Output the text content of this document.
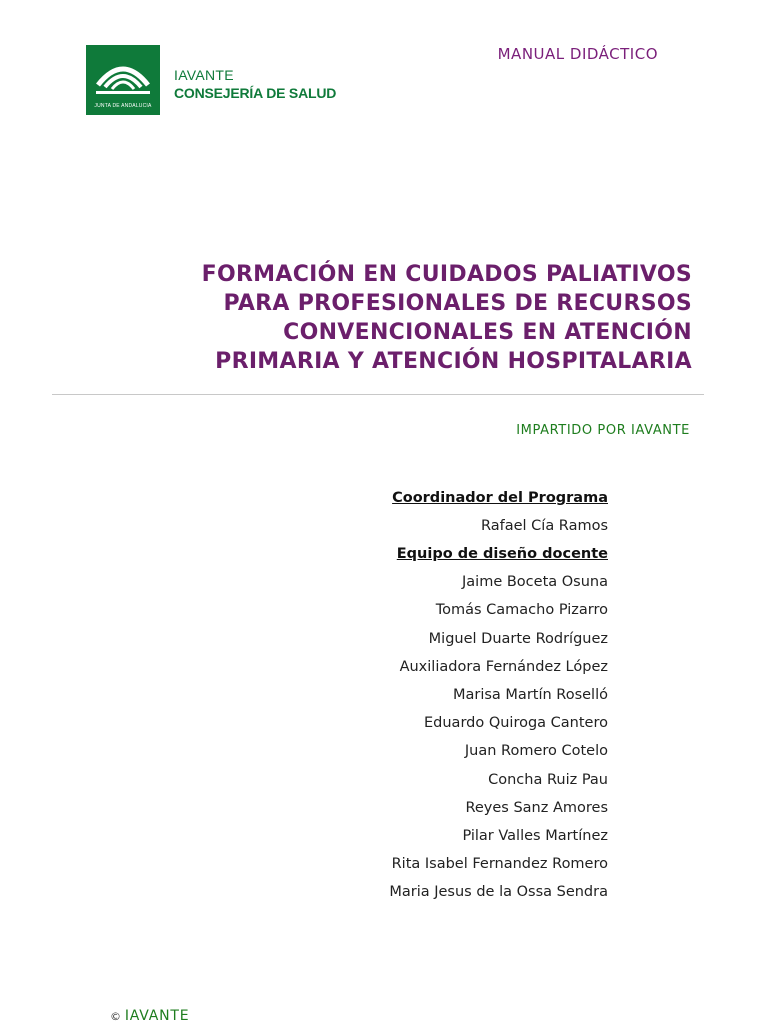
JUNTA DE ANDALUCIA
IAVANTE
CONSEJERÍA DE SALUD
MANUAL DIDÁCTICO
FORMACIÓN EN CUIDADOS PALIATIVOS
PARA PROFESIONALES DE RECURSOS
CONVENCIONALES EN ATENCIÓN
PRIMARIA Y ATENCIÓN HOSPITALARIA
IMPARTIDO POR IAVANTE
Coordinador del Programa
Rafael Cía Ramos
Equipo de diseño docente
Jaime Boceta Osuna
Tomás Camacho Pizarro
Miguel Duarte Rodríguez
Auxiliadora Fernández López
Marisa Martín Roselló
Eduardo Quiroga Cantero
Juan Romero Cotelo
Concha Ruiz Pau
Reyes Sanz Amores
Pilar Valles Martínez
Rita Isabel Fernandez Romero
Maria Jesus de la Ossa Sendra
© IAVANTE
